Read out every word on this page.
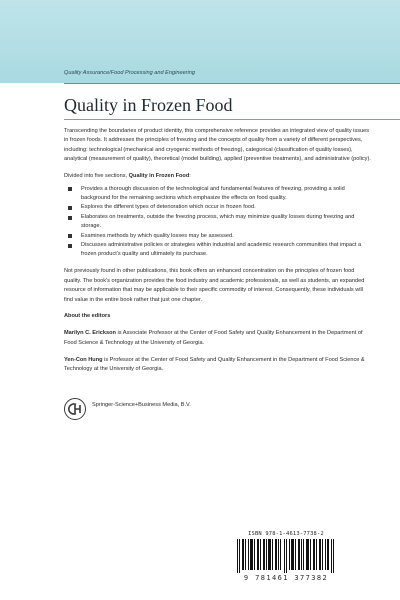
Quality Assurance/Food Processing and Engineering
Quality in Frozen Food

Transcending the boundaries of product identity, this comprehensive reference provides an integrated view of quality issues in frozen foods. It addresses the principles of freezing and the concepts of quality from a variety of different perspectives, including: technological (mechanical and cryogenic methods of freezing), categorical (classification of quality losses), analytical (measurement of quality), theoretical (model building), applied (preventive treatments), and administrative (policy).

Divided into five sections, Quality in Frozen Food:

Provides a thorough discussion of the technological and fundamental features of freezing, providing a solid background for the remaining sections which emphasize the effects on food quality.
Explores the different types of deterioration which occur in frozen food.
Elaborates on treatments, outside the freezing process, which may minimize quality losses during freezing and storage.
Examines methods by which quality losses may be assessed.
Discusses administrative policies or strategies within industrial and academic research communities that impact a frozen product's quality and ultimately its purchase.

Not previously found in other publications, this book offers an enhanced concentration on the principles of frozen food quality. The book's organization provides the food industry and academic professionals, as well as students, an expanded resource of information that may be applicable to their specific commodity of interest. Consequently, these individuals will find value in the entire book rather that just one chapter.

About the editors

Marilyn C. Erickson is Associate Professor at the Center of Food Safety and Quality Enhancement in the Department of Food Science & Technology at the University of Georgia.

Yen-Con Hung is Professor at the Center of Food Safety and Quality Enhancement in the Department of Food Science & Technology at the University of Georgia.

Springer-Science+Business Media, B.V.
ISBN 978-1-4613-7738-2
9 781461 377382
